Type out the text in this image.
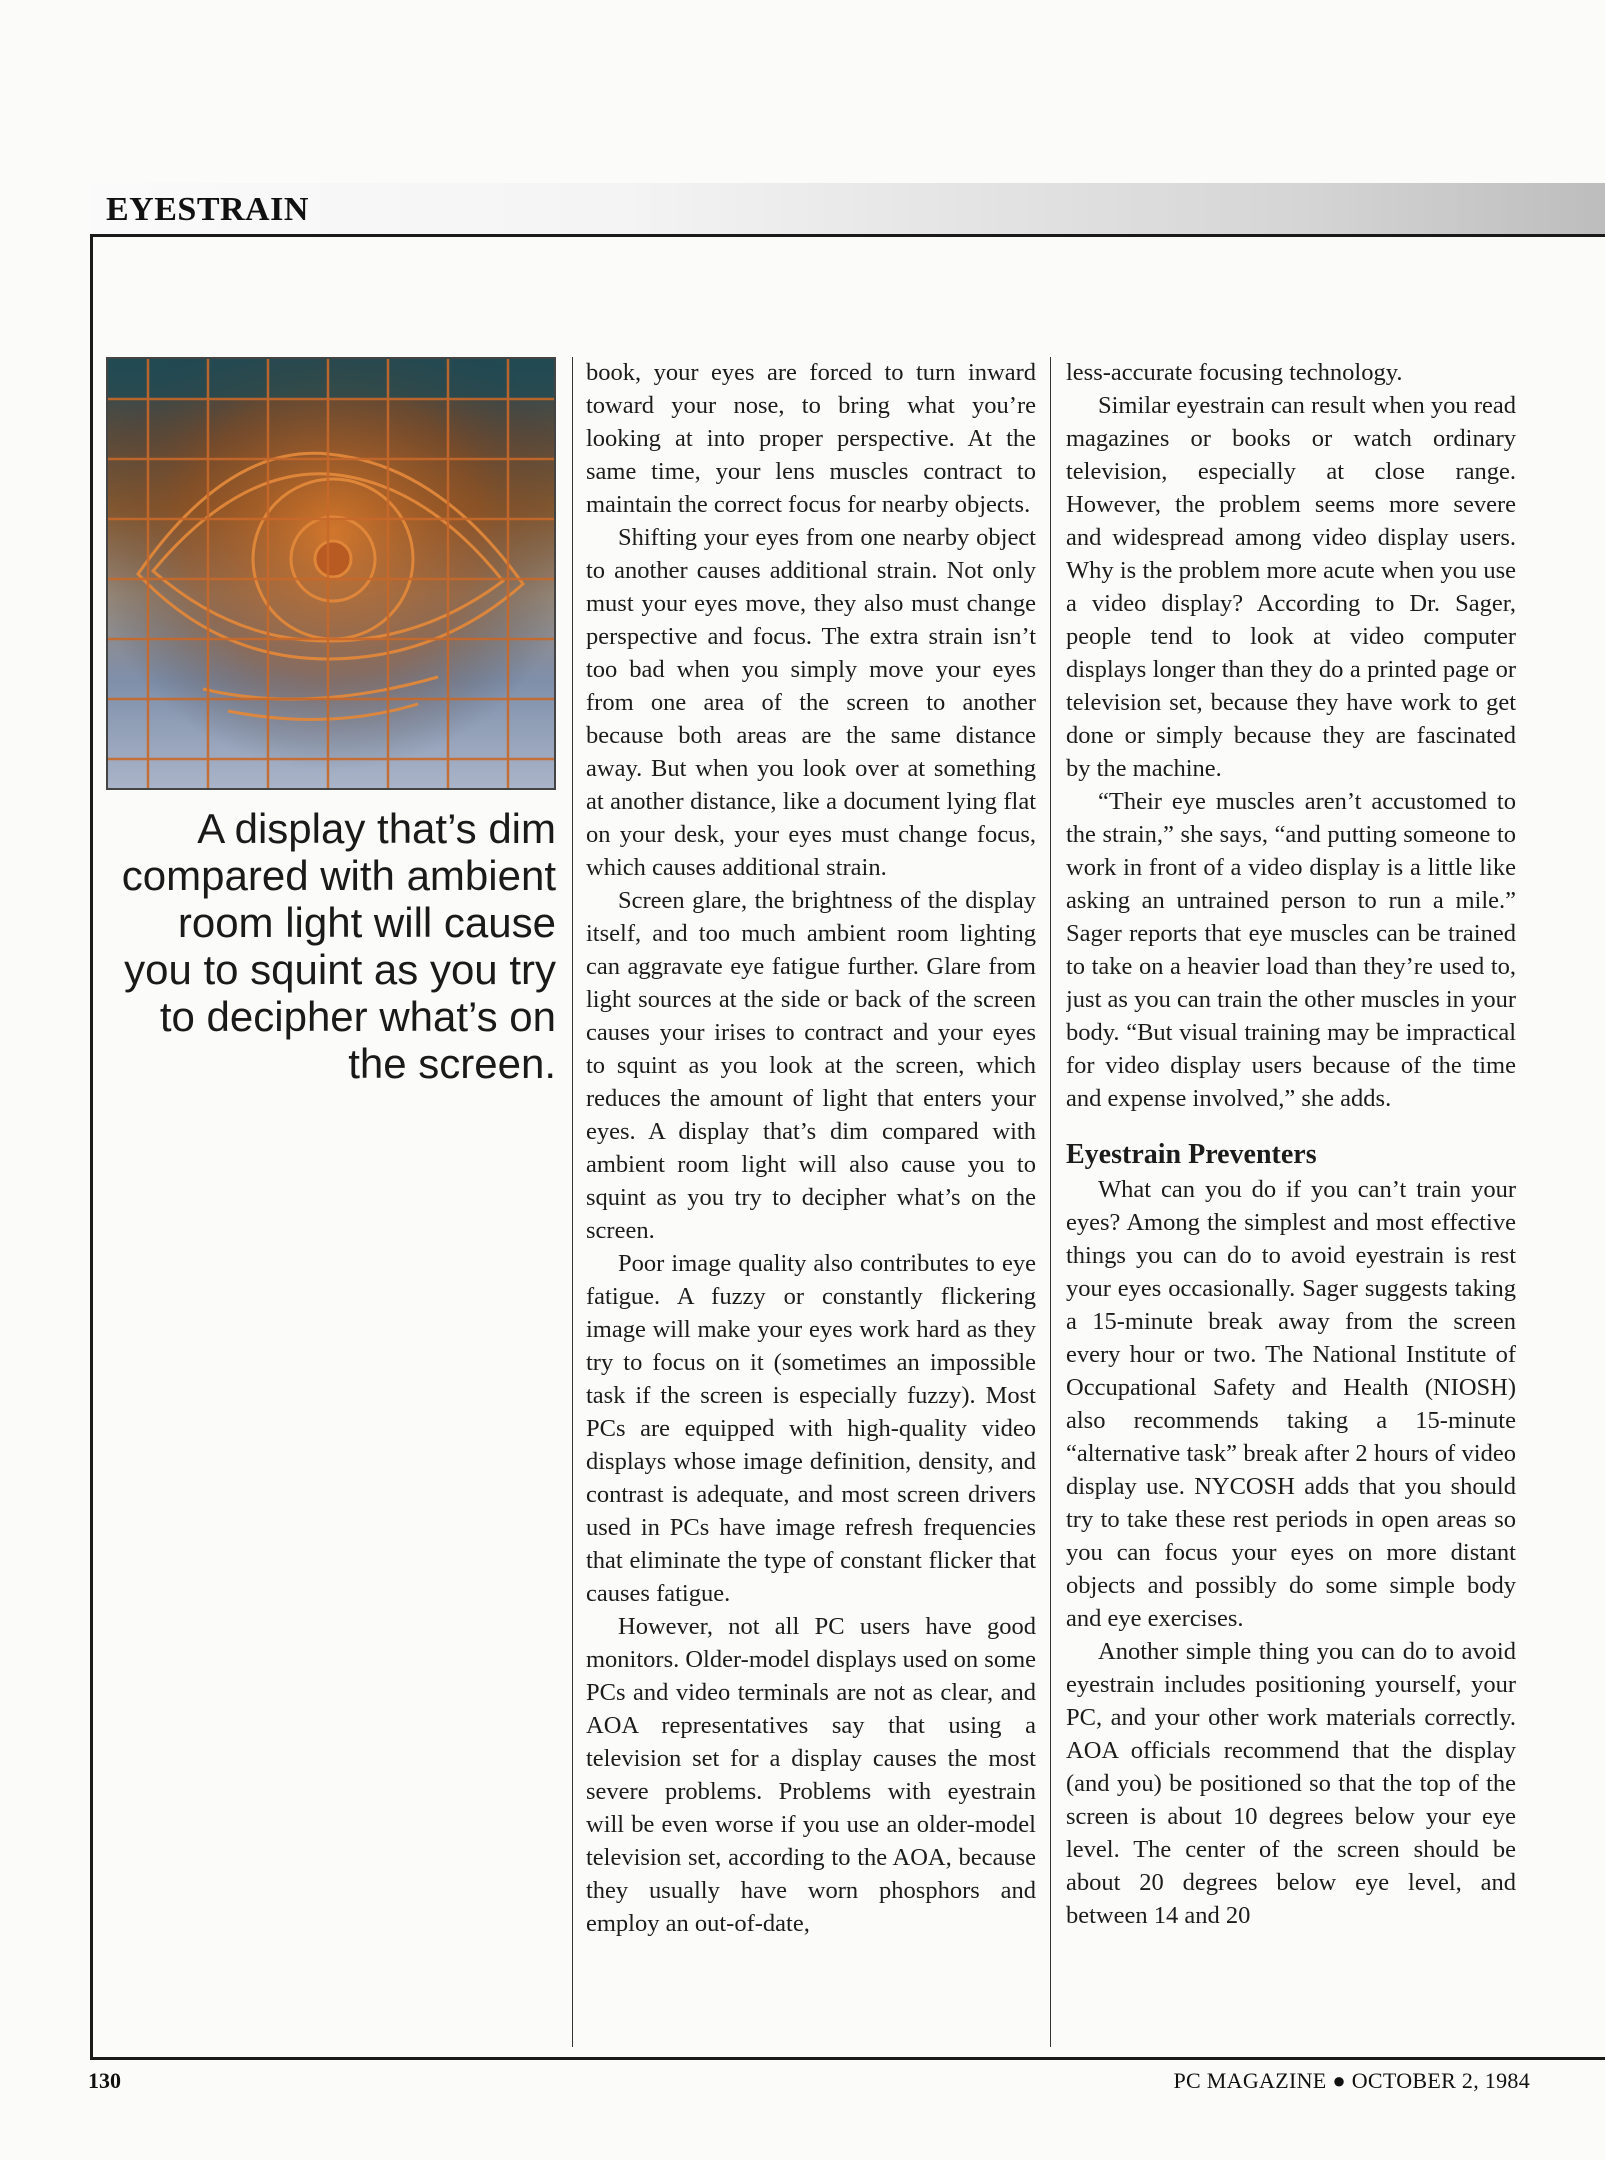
EYESTRAIN

A display that’s dim compared with ambient room light will cause you to squint as you try to decipher what’s on the screen.

book, your eyes are forced to turn inward toward your nose, to bring what you’re looking at into proper perspective. At the same time, your lens muscles contract to maintain the correct focus for nearby objects.

Shifting your eyes from one nearby object to another causes additional strain. Not only must your eyes move, they also must change perspective and focus. The extra strain isn’t too bad when you simply move your eyes from one area of the screen to another because both areas are the same distance away. But when you look over at something at another distance, like a document lying flat on your desk, your eyes must change focus, which causes additional strain.

Screen glare, the brightness of the display itself, and too much ambient room lighting can aggravate eye fatigue further. Glare from light sources at the side or back of the screen causes your irises to contract and your eyes to squint as you look at the screen, which reduces the amount of light that enters your eyes. A display that’s dim compared with ambient room light will also cause you to squint as you try to decipher what’s on the screen.

Poor image quality also contributes to eye fatigue. A fuzzy or constantly flickering image will make your eyes work hard as they try to focus on it (sometimes an impossible task if the screen is especially fuzzy). Most PCs are equipped with high-quality video displays whose image definition, density, and contrast is adequate, and most screen drivers used in PCs have image refresh frequencies that eliminate the type of constant flicker that causes fatigue.

However, not all PC users have good monitors. Older-model displays used on some PCs and video terminals are not as clear, and AOA representatives say that using a television set for a display causes the most severe problems. Problems with eyestrain will be even worse if you use an older-model television set, according to the AOA, because they usually have worn phosphors and employ an out-of-date,

less-accurate focusing technology.

Similar eyestrain can result when you read magazines or books or watch ordinary television, especially at close range. However, the problem seems more severe and widespread among video display users. Why is the problem more acute when you use a video display? According to Dr. Sager, people tend to look at video computer displays longer than they do a printed page or television set, because they have work to get done or simply because they are fascinated by the machine.

“Their eye muscles aren’t accustomed to the strain,” she says, “and putting someone to work in front of a video display is a little like asking an untrained person to run a mile.” Sager reports that eye muscles can be trained to take on a heavier load than they’re used to, just as you can train the other muscles in your body. “But visual training may be impractical for video display users because of the time and expense involved,” she adds.

Eyestrain Preventers

What can you do if you can’t train your eyes? Among the simplest and most effective things you can do to avoid eyestrain is rest your eyes occasionally. Sager suggests taking a 15-minute break away from the screen every hour or two. The National Institute of Occupational Safety and Health (NIOSH) also recommends taking a 15-minute “alternative task” break after 2 hours of video display use. NYCOSH adds that you should try to take these rest periods in open areas so you can focus your eyes on more distant objects and possibly do some simple body and eye exercises.

Another simple thing you can do to avoid eyestrain includes positioning yourself, your PC, and your other work materials correctly. AOA officials recommend that the display (and you) be positioned so that the top of the screen is about 10 degrees below your eye level. The center of the screen should be about 20 degrees below eye level, and between 14 and 20

130	PC MAGAZINE ● OCTOBER 2, 1984
